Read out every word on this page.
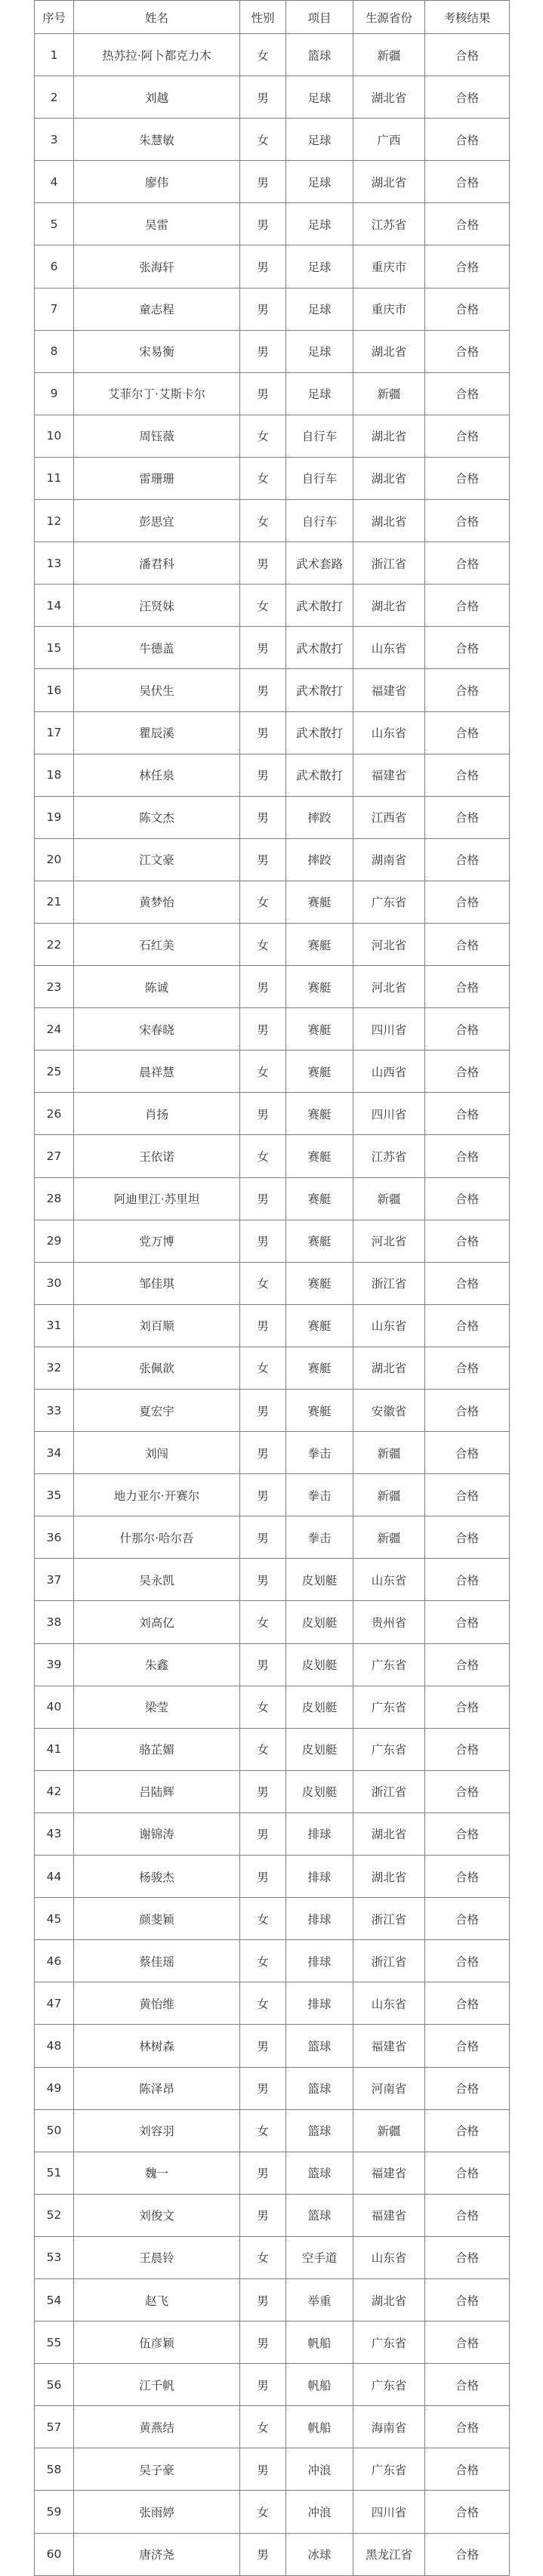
序号	姓名	性别	项目	生源省份	考核结果
1	热苏拉·阿卜都克力木	女	篮球	新疆	合格
2	刘越	男	足球	湖北省	合格
3	朱慧敏	女	足球	广西	合格
4	廖伟	男	足球	湖北省	合格
5	吴雷	男	足球	江苏省	合格
6	张海轩	男	足球	重庆市	合格
7	童志程	男	足球	重庆市	合格
8	宋易衡	男	足球	湖北省	合格
9	艾菲尔丁·艾斯卡尔	男	足球	新疆	合格
10	周钰薇	女	自行车	湖北省	合格
11	雷珊珊	女	自行车	湖北省	合格
12	彭思宜	女	自行车	湖北省	合格
13	潘君科	男	武术套路	浙江省	合格
14	汪贤妹	女	武术散打	湖北省	合格
15	牛德盖	男	武术散打	山东省	合格
16	吴伏生	男	武术散打	福建省	合格
17	瞿辰溪	男	武术散打	山东省	合格
18	林任泉	男	武术散打	福建省	合格
19	陈文杰	男	摔跤	江西省	合格
20	江文豪	男	摔跤	湖南省	合格
21	黄梦怡	女	赛艇	广东省	合格
22	石红美	女	赛艇	河北省	合格
23	陈诚	男	赛艇	河北省	合格
24	宋春晓	男	赛艇	四川省	合格
25	晨祥慧	女	赛艇	山西省	合格
26	肖扬	男	赛艇	四川省	合格
27	王依诺	女	赛艇	江苏省	合格
28	阿迪里江·苏里坦	男	赛艇	新疆	合格
29	党万博	男	赛艇	河北省	合格
30	邹佳琪	女	赛艇	浙江省	合格
31	刘百顺	男	赛艇	山东省	合格
32	张佩歆	女	赛艇	湖北省	合格
33	夏宏宇	男	赛艇	安徽省	合格
34	刘闯	男	拳击	新疆	合格
35	地力亚尔·开赛尔	男	拳击	新疆	合格
36	什那尔·哈尔吾	男	拳击	新疆	合格
37	吴永凯	男	皮划艇	山东省	合格
38	刘高亿	女	皮划艇	贵州省	合格
39	朱鑫	男	皮划艇	广东省	合格
40	梁莹	女	皮划艇	广东省	合格
41	骆芷媚	女	皮划艇	广东省	合格
42	吕陆辉	男	皮划艇	浙江省	合格
43	谢锦涛	男	排球	湖北省	合格
44	杨骏杰	男	排球	湖北省	合格
45	颜斐颖	女	排球	浙江省	合格
46	蔡佳瑶	女	排球	浙江省	合格
47	黄怡维	女	排球	山东省	合格
48	林树森	男	篮球	福建省	合格
49	陈泽昂	男	篮球	河南省	合格
50	刘容羽	女	篮球	新疆	合格
51	魏一	男	篮球	福建省	合格
52	刘俊文	男	篮球	福建省	合格
53	王晨铃	女	空手道	山东省	合格
54	赵飞	男	举重	湖北省	合格
55	伍彦颖	男	帆船	广东省	合格
56	江千帆	男	帆船	广东省	合格
57	黄燕结	女	帆船	海南省	合格
58	吴子豪	男	冲浪	广东省	合格
59	张雨婷	女	冲浪	四川省	合格
60	唐济尧	男	冰球	黑龙江省	合格
